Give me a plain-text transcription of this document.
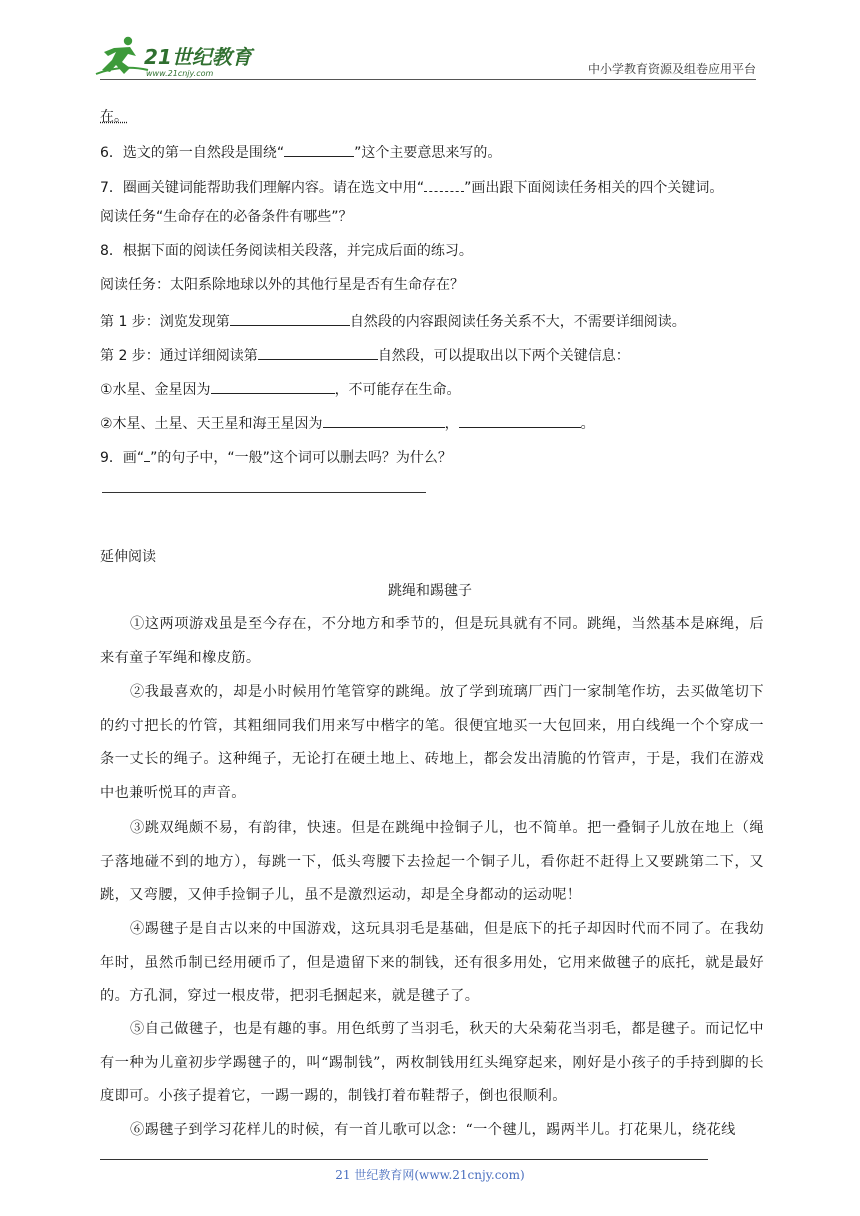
21世纪教育
www.21cnjy.com	中小学教育资源及组卷应用平台
在。
6．选文的第一自然段是围绕“	”这个主要意思来写的。
7．圈画关键词能帮助我们理解内容。请在选文中用“	”画出跟下面阅读任务相关的四个关键词。
阅读任务“生命存在的必备条件有哪些”？
8．根据下面的阅读任务阅读相关段落，并完成后面的练习。
阅读任务：太阳系除地球以外的其他行星是否有生命存在？
第 1 步：浏览发现第	自然段的内容跟阅读任务关系不大，不需要详细阅读。
第 2 步：通过详细阅读第	自然段，可以提取出以下两个关键信息：
①水星、金星因为	，不可能存在生命。
②木星、土星、天王星和海王星因为	，	。
9．画“ ”的句子中，“一般”这个词可以删去吗？为什么？
延伸阅读
跳绳和踢毽子
①这两项游戏虽是至今存在，不分地方和季节的，但是玩具就有不同。跳绳，当然基本是麻绳，后来有童子军绳和橡皮筋。
②我最喜欢的，却是小时候用竹笔管穿的跳绳。放了学到琉璃厂西门一家制笔作坊，去买做笔切下的约寸把长的竹管，其粗细同我们用来写中楷字的笔。很便宜地买一大包回来，用白线绳一个个穿成一条一丈长的绳子。这种绳子，无论打在硬土地上、砖地上，都会发出清脆的竹管声，于是，我们在游戏中也兼听悦耳的声音。
③跳双绳颇不易，有韵律，快速。但是在跳绳中捡铜子儿，也不简单。把一叠铜子儿放在地上（绳子落地碰不到的地方），每跳一下，低头弯腰下去捡起一个铜子儿，看你赶不赶得上又要跳第二下，又跳，又弯腰，又伸手捡铜子儿，虽不是激烈运动，却是全身都动的运动呢！
④踢毽子是自古以来的中国游戏，这玩具羽毛是基础，但是底下的托子却因时代而不同了。在我幼年时，虽然币制已经用硬币了，但是遗留下来的制钱，还有很多用处，它用来做毽子的底托，就是最好的。方孔洞，穿过一根皮带，把羽毛捆起来，就是毽子了。
⑤自己做毽子，也是有趣的事。用色纸剪了当羽毛，秋天的大朵菊花当羽毛，都是毽子。而记忆中有一种为儿童初步学踢毽子的，叫“踢制钱”，两枚制钱用红头绳穿起来，刚好是小孩子的手持到脚的长度即可。小孩子提着它，一踢一踢的，制钱打着布鞋帮子，倒也很顺利。
⑥踢毽子到学习花样儿的时候，有一首儿歌可以念：“一个毽儿，踢两半儿。打花果儿，绕花线
21 世纪教育网(www.21cnjy.com)
